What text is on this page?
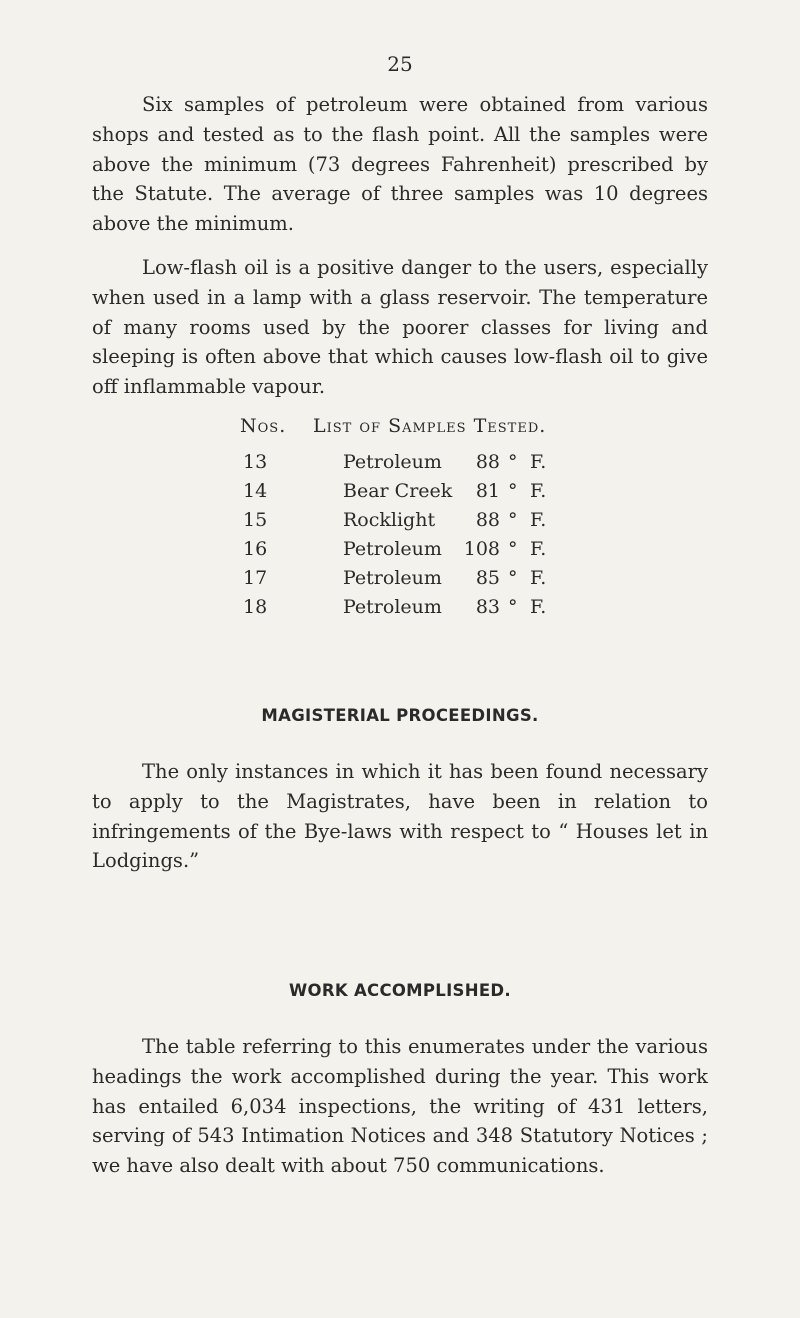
25

Six samples of petroleum were obtained from various shops and tested as to the flash point. All the samples were above the minimum (73 degrees Fahrenheit) prescribed by the Statute. The average of three samples was 10 degrees above the minimum.

Low-flash oil is a positive danger to the users, especially when used in a lamp with a glass reservoir. The temperature of many rooms used by the poorer classes for living and sleeping is often above that which causes low-flash oil to give off inflammable vapour.

Nos. List of Samples Tested.
13	Petroleum	88 ° F.
14	Bear Creek	81 ° F.
15	Rocklight	88 ° F.
16	Petroleum	108 ° F.
17	Petroleum	85 ° F.
18	Petroleum	83 ° F.
MAGISTERIAL PROCEEDINGS.

The only instances in which it has been found necessary to apply to the Magistrates, have been in relation to infringements of the Bye-laws with respect to “ Houses let in Lodgings.”

WORK ACCOMPLISHED.

The table referring to this enumerates under the various headings the work accomplished during the year. This work has entailed 6,034 inspections, the writing of 431 letters, serving of 543 Intimation Notices and 348 Statutory Notices ; we have also dealt with about 750 communications.
